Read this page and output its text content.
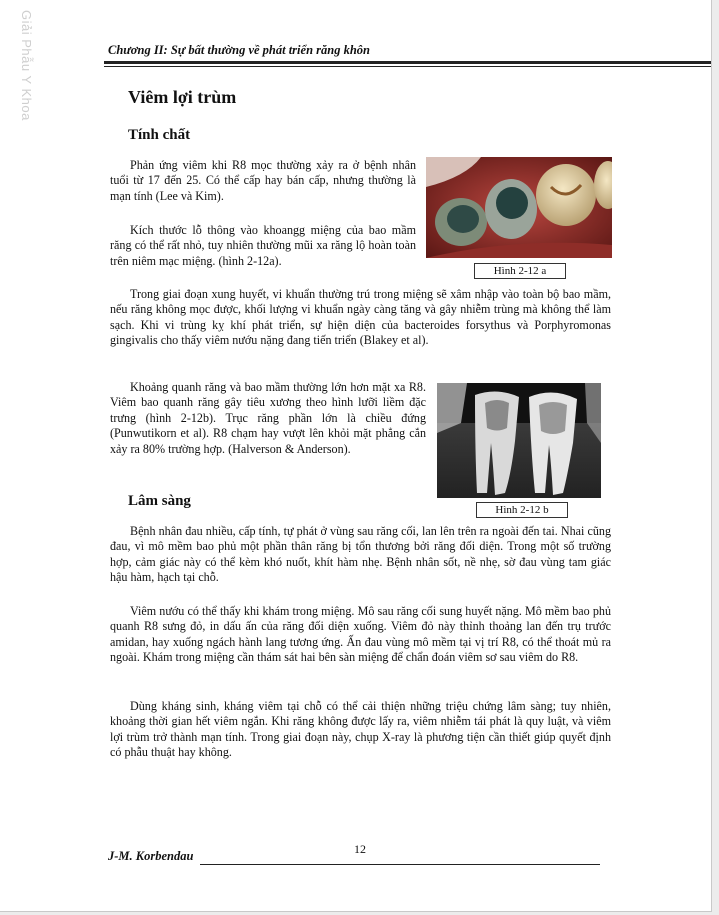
Giải Phẫu Y Khoa	Chương II: Sự bất thường về phát triển răng khôn
Viêm lợi trùm
Tính chất

Phản ứng viêm khi R8 mọc thường xảy ra ở bệnh nhân tuổi từ 17 đến 25. Có thể cấp hay bán cấp, nhưng thường là mạn tính (Lee và Kim).

Kích thước lỗ thông vào khoangg miệng của bao mầm răng có thể rất nhỏ, tuy nhiên thường mũi xa răng lộ hoàn toàn trên niêm mạc miệng. (hình 2-12a).

Hình 2-12 a

Trong giai đoạn xung huyết, vi khuẩn thường trú trong miệng sẽ xâm nhập vào toàn bộ bao mầm, nếu răng không mọc được, khối lượng vi khuẩn ngày càng tăng và gây nhiễm trùng mà không thể làm sạch. Khi vi trùng kỵ khí phát triển, sự hiện diện của bacteroides forsythus và Porphyromonas gingivalis cho thấy viêm nướu nặng đang tiến triển (Blakey et al).

Khoảng quanh răng và bao mầm thường lớn hơn mặt xa R8. Viêm bao quanh răng gây tiêu xương theo hình lưỡi liềm đặc trưng (hình 2-12b). Trục răng phần lớn là chiều đứng (Punwutikorn et al). R8 chạm hay vượt lên khỏi mặt phẳng cắn xảy ra 80% trường hợp. (Halverson & Anderson).

Hình 2-12 b
Lâm sàng

Bệnh nhân đau nhiều, cấp tính, tự phát ở vùng sau răng cối, lan lên trên ra ngoài đến tai. Nhai cũng đau, vì mô mềm bao phủ một phần thân răng bị tổn thương bởi răng đối diện. Trong một số trường hợp, cảm giác này có thể kèm khó nuốt, khít hàm nhẹ. Bệnh nhân sốt, nề nhẹ, sờ đau vùng tam giác hậu hàm, hạch tại chỗ.

Viêm nướu có thể thấy khi khám trong miệng. Mô sau răng cối sung huyết nặng. Mô mềm bao phủ quanh R8 sưng đỏ, in dấu ấn của răng đối diện xuống. Viêm đỏ này thỉnh thoảng lan đến trụ trước amidan, hay xuống ngách hành lang tương ứng. Ấn đau vùng mô mềm tại vị trí R8, có thể thoát mủ ra ngoài. Khám trong miệng cần thám sát hai bên sàn miệng để chẩn đoán viêm sơ sau viêm do R8.

Dùng kháng sinh, kháng viêm tại chỗ có thể cải thiện những triệu chứng lâm sàng; tuy nhiên, khoảng thời gian hết viêm ngắn. Khi răng không được lấy ra, viêm nhiễm tái phát là quy luật, và viêm lợi trùm trở thành mạn tính. Trong giai đoạn này, chụp X-ray là phương tiện cần thiết giúp quyết định có phẫu thuật hay không.

12
J-M. Korbendau
